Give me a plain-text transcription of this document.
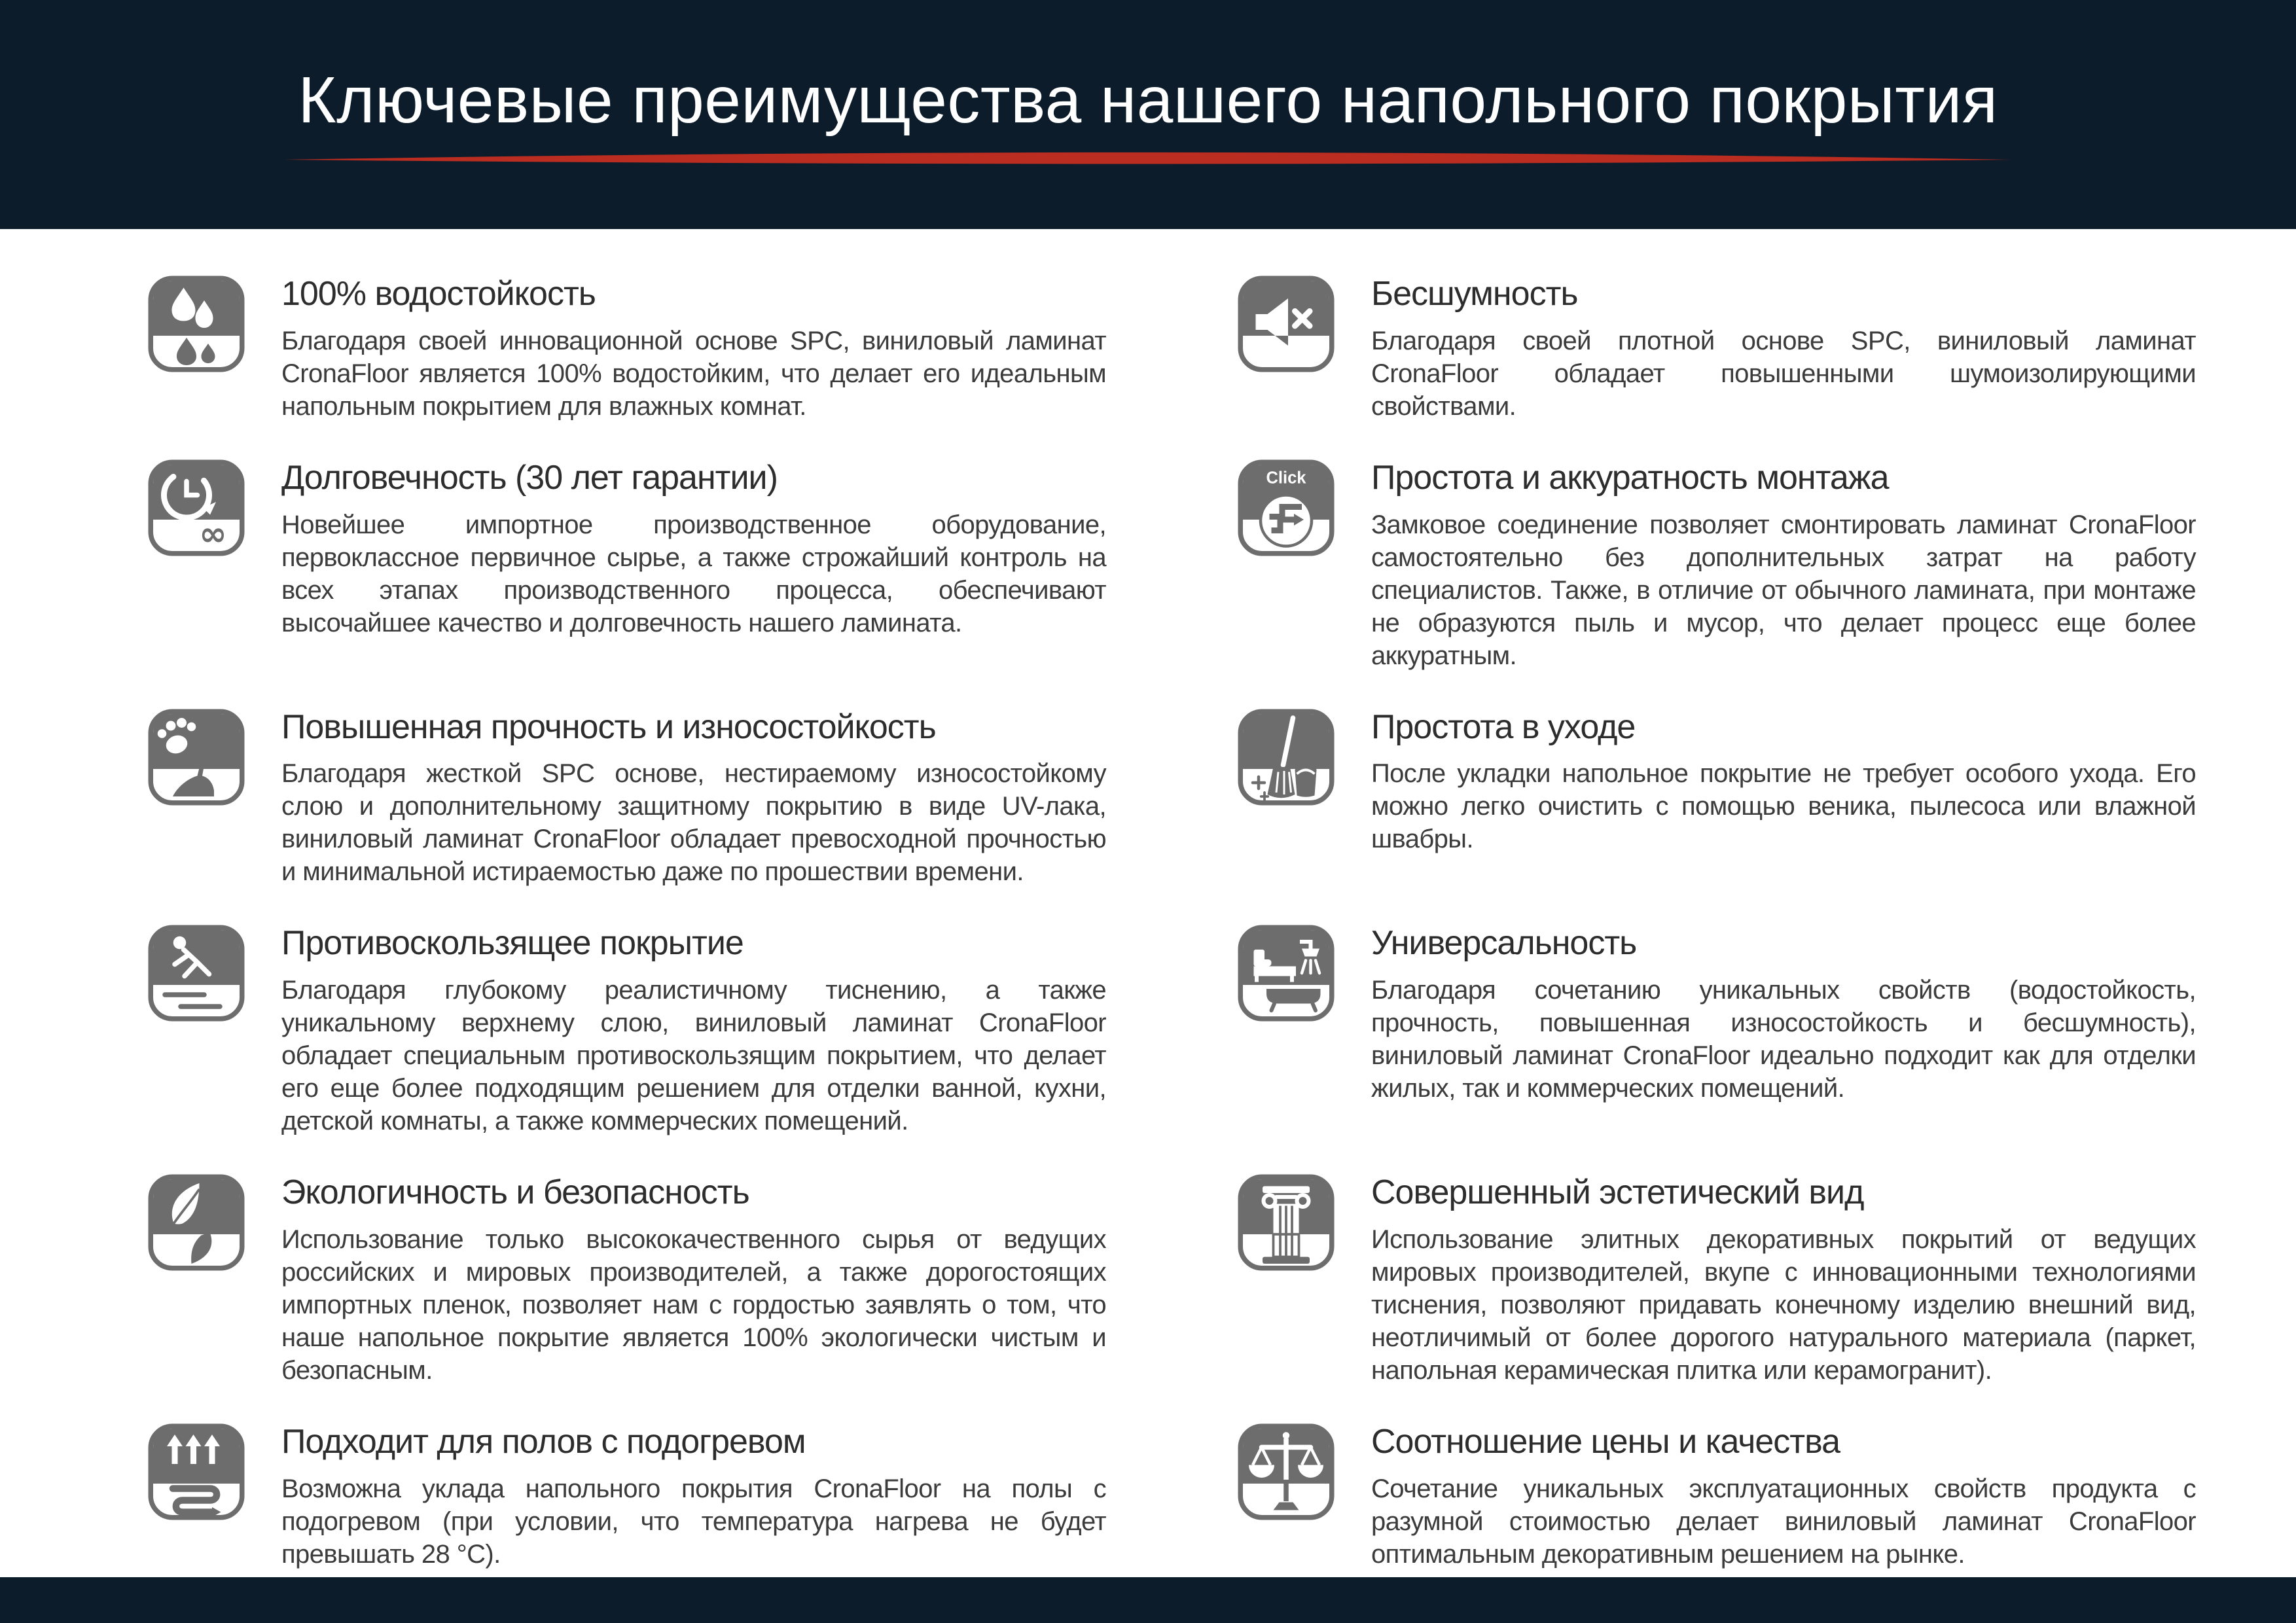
Ключевые преимущества нашего напольного покрытия
100% водостойкость

Благодаря своей инновационной основе SPC, виниловый ламинат CronaFloor является 100% водостойким, что делает его идеальным напольным покрытием для влажных комнат.

Бесшумность

Благодаря своей плотной основе SPC, виниловый ламинат CronaFloor обладает повышенными шумоизолирующими свойствами.

∞
Долговечность (30 лет гарантии)

Новейшее импортное производственное оборудование, первоклассное первичное сырье, а также строжайший контроль на всех этапах производственного процесса, обеспечивают высочайшее качество и долговечность нашего ламината.

Click Простота и аккуратность монтажа

Замковое соединение позволяет смонтировать ламинат CronaFloor самостоятельно без дополнительных затрат на работу специалистов. Также, в отличие от обычного ламината, при монтаже не образуются пыль и мусор, что делает процесс еще более аккуратным.

Повышенная прочность и износостойкость

Благодаря жесткой SPC основе, нестираемому износостойкому слою и дополнительному защитному покрытию в виде UV-лака, виниловый ламинат CronaFloor обладает превосходной прочностью и минимальной истираемостью даже по прошествии времени.

Простота в уходе

После укладки напольное покрытие не требует особого ухода. Его можно легко очистить с помощью веника, пылесоса или влажной швабры.

Противоскользящее покрытие

Благодаря глубокому реалистичному тиснению, а также уникальному верхнему слою, виниловый ламинат CronaFloor обладает специальным противоскользящим покрытием, что делает его еще более подходящим решением для отделки ванной, кухни, детской комнаты, а также коммерческих помещений.

Универсальность

Благодаря сочетанию уникальных свойств (водостойкость, прочность, повышенная износостойкость и бесшумность), виниловый ламинат CronaFloor идеально подходит как для отделки жилых, так и коммерческих помещений.

Экологичность и безопасность

Использование только высококачественного сырья от ведущих российских и мировых производителей, а также дорогостоящих импортных пленок, позволяет нам с гордостью заявлять о том, что наше напольное покрытие является 100% экологически чистым и безопасным.

Совершенный эстетический вид

Использование элитных декоративных покрытий от ведущих мировых производителей, вкупе с инновационными технологиями тиснения, позволяют придавать конечному изделию внешний вид, неотличимый от более дорогого натурального материала (паркет, напольная керамическая плитка или керамогранит).

Подходит для полов с подогревом

Возможна уклада напольного покрытия CronaFloor на полы с подогревом (при условии, что температура нагрева не будет превышать 28 °C).

Соотношение цены и качества

Сочетание уникальных эксплуатационных свойств продукта с разумной стоимостью делает виниловый ламинат CronaFloor оптимальным декоративным решением на рынке.
